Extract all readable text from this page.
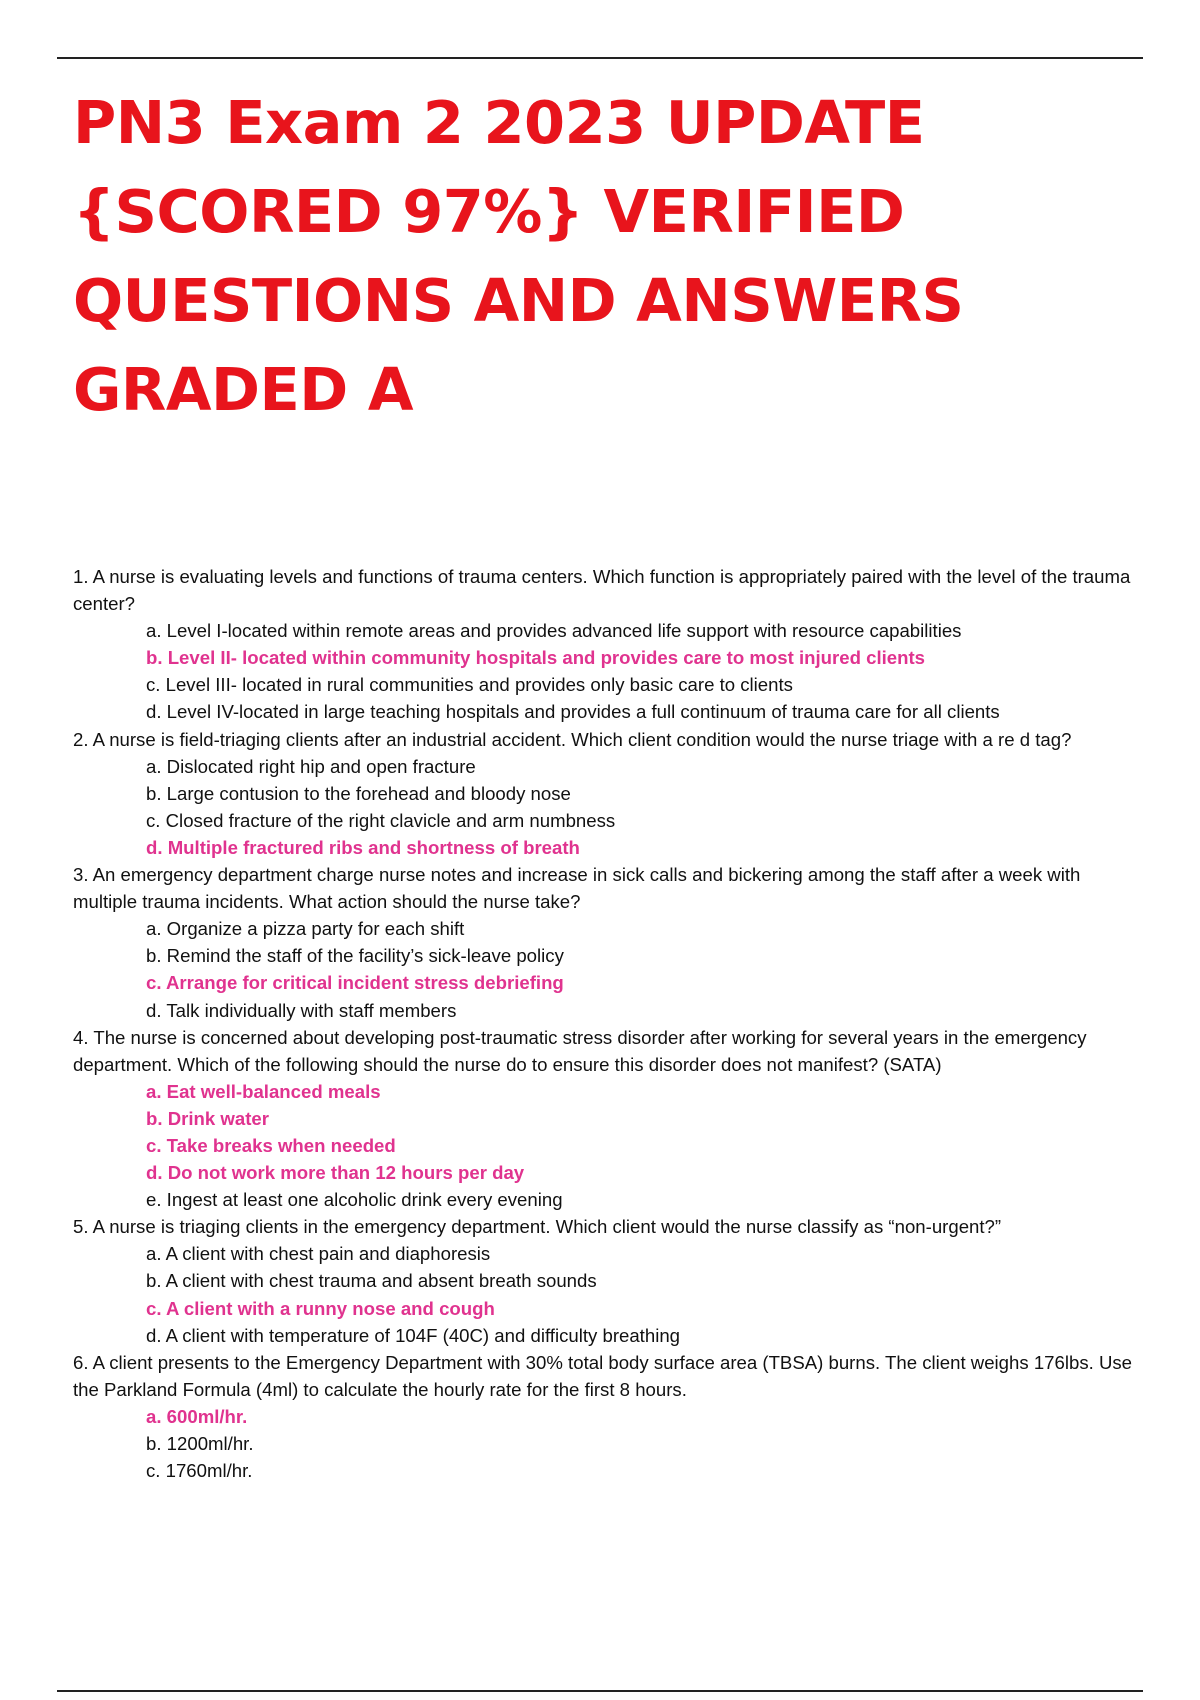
PN3 Exam 2 2023 UPDATE
{SCORED 97%} VERIFIED
QUESTIONS AND ANSWERS
GRADED A
1. A nurse is evaluating levels and functions of trauma centers. Which function is appropriately paired with the level of the trauma center?
a. Level I-located within remote areas and provides advanced life support with resource capabilities
b. Level II- located within community hospitals and provides care to most injured clients
c. Level III- located in rural communities and provides only basic care to clients
d. Level IV-located in large teaching hospitals and provides a full continuum of trauma care for all clients
2. A nurse is field-triaging clients after an industrial accident. Which client condition would the nurse triage with a re d tag?
a. Dislocated right hip and open fracture
b. Large contusion to the forehead and bloody nose
c. Closed fracture of the right clavicle and arm numbness
d. Multiple fractured ribs and shortness of breath
3. An emergency department charge nurse notes and increase in sick calls and bickering among the staff after a week with multiple trauma incidents. What action should the nurse take?
a. Organize a pizza party for each shift
b. Remind the staff of the facility’s sick-leave policy
c. Arrange for critical incident stress debriefing
d. Talk individually with staff members
4. The nurse is concerned about developing post-traumatic stress disorder after working for several years in the emergency department. Which of the following should the nurse do to ensure this disorder does not manifest? (SATA)
a. Eat well-balanced meals
b. Drink water
c. Take breaks when needed
d. Do not work more than 12 hours per day
e. Ingest at least one alcoholic drink every evening
5. A nurse is triaging clients in the emergency department. Which client would the nurse classify as “non-urgent?”
a. A client with chest pain and diaphoresis
b. A client with chest trauma and absent breath sounds
c. A client with a runny nose and cough
d. A client with temperature of 104F (40C) and difficulty breathing
6. A client presents to the Emergency Department with 30% total body surface area (TBSA) burns. The client weighs 176lbs. Use the Parkland Formula (4ml) to calculate the hourly rate for the first 8 hours.
a. 600ml/hr.
b. 1200ml/hr.
c. 1760ml/hr.
